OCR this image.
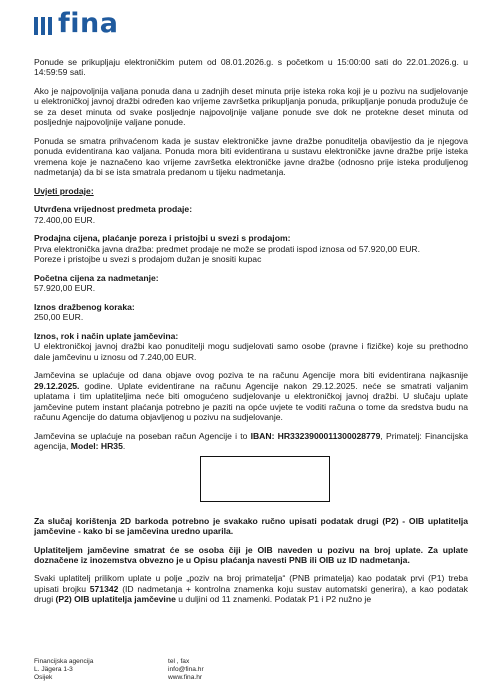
fina

Ponude se prikupljaju elektroničkim putem od 08.01.2026.g. s početkom u 15:00:00 sati do 22.01.2026.g. u 14:59:59 sati.

Ako je najpovoljnija valjana ponuda dana u zadnjih deset minuta prije isteka roka koji je u pozivu na sudjelovanje u elektroničkoj javnoj dražbi određen kao vrijeme završetka prikupljanja ponuda, prikupljanje ponuda produžuje će se za deset minuta od svake posljednje najpovoljnije valjane ponude sve dok ne protekne deset minuta od posljednje najpovoljnije valjane ponude.

Ponuda se smatra prihvaćenom kada je sustav elektroničke javne dražbe ponuditelja obavijestio da je njegova ponuda evidentirana kao valjana. Ponuda mora biti evidentirana u sustavu elektroničke javne dražbe prije isteka vremena koje je naznačeno kao vrijeme završetka elektroničke javne dražbe (odnosno prije isteka produljenog nadmetanja) da bi se ista smatrala predanom u tijeku nadmetanja.

Uvjeti prodaje:

Utvrđena vrijednost predmeta prodaje:
72.400,00 EUR.
Prodajna cijena, plaćanje poreza i pristojbi u svezi s prodajom:
Prva elektronička javna dražba: predmet prodaje ne može se prodati ispod iznosa od 57.920,00 EUR.
Poreze i pristojbe u svezi s prodajom dužan je snositi kupac
Početna cijena za nadmetanje:
57.920,00 EUR.
Iznos dražbenog koraka:
250,00 EUR.
Iznos, rok i način uplate jamčevina:
U elektroničkoj javnoj dražbi kao ponuditelji mogu sudjelovati samo osobe (pravne i fizičke) koje su prethodno dale jamčevinu u iznosu od 7.240,00 EUR.

Jamčevina se uplaćuje od dana objave ovog poziva te na računu Agencije mora biti evidentirana najkasnije 29.12.2025. godine. Uplate evidentirane na računu Agencije nakon 29.12.2025. neće se smatrati valjanim uplatama i tim uplatiteljima neće biti omogućeno sudjelovanje u elektroničkoj javnoj dražbi. U slučaju uplate jamčevine putem instant plaćanja potrebno je paziti na opće uvjete te voditi računa o tome da sredstva budu na računu Agencije do datuma objavljenog u pozivu na sudjelovanje.

Jamčevina se uplaćuje na poseban račun Agencije i to IBAN: HR3323900011300028779, Primatelj: Financijska agencija, Model: HR35.

Za slučaj korištenja 2D barkoda potrebno je svakako ručno upisati podatak drugi (P2) - OIB uplatitelja jamčevine - kako bi se jamčevina uredno uparila.

Uplatiteljem jamčevine smatrat će se osoba čiji je OIB naveden u pozivu na broj uplate. Za uplate doznačene iz inozemstva obvezno je u Opisu plaćanja navesti PNB ili OIB uz ID nadmetanja.

Svaki uplatitelj prilikom uplate u polje „poziv na broj primatelja“ (PNB primatelja) kao podatak prvi (P1) treba upisati brojku 571342 (ID nadmetanja + kontrolna znamenka koju sustav automatski generira), a kao podatak drugi (P2) OIB uplatitelja jamčevine u duljini od 11 znamenki. Podatak P1 i P2 nužno je

Financijska agencija
L. Jägera 1-3
Osijek
tel , fax
info@fina.hr
www.fina.hr
